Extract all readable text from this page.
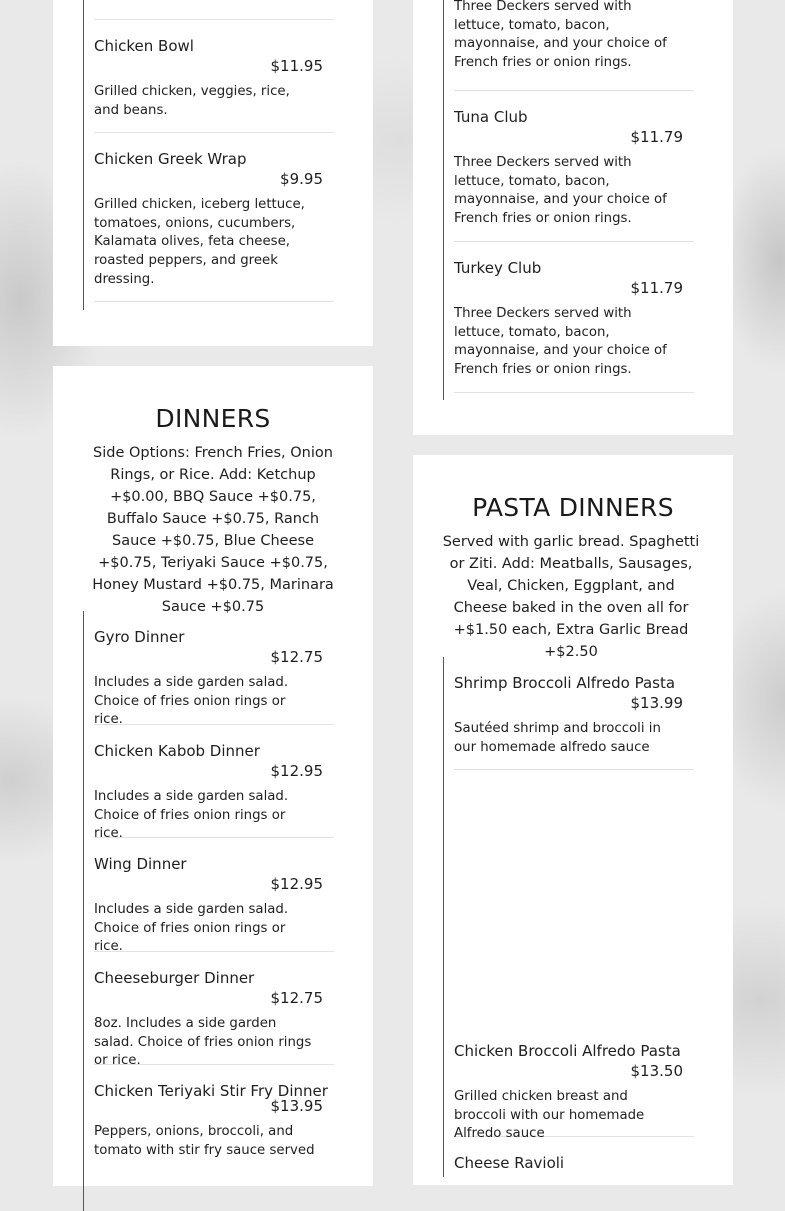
Chicken Bowl
$11.95
Grilled chicken, veggies, rice, and beans.
Chicken Greek Wrap
$9.95
Grilled chicken, iceberg lettuce, tomatoes, onions, cucumbers, Kalamata olives, feta cheese, roasted peppers, and greek dressing.
DINNERS
Side Options: French Fries, Onion Rings, or Rice. Add: Ketchup +$0.00, BBQ Sauce +$0.75, Buffalo Sauce +$0.75, Ranch Sauce +$0.75, Blue Cheese +$0.75, Teriyaki Sauce +$0.75, Honey Mustard +$0.75, Marinara Sauce +$0.75
Gyro Dinner
$12.75
Includes a side garden salad. Choice of fries onion rings or rice.
Chicken Kabob Dinner
$12.95
Includes a side garden salad. Choice of fries onion rings or rice.
Wing Dinner
$12.95
Includes a side garden salad. Choice of fries onion rings or rice.
Cheeseburger Dinner
$12.75
8oz. Includes a side garden salad. Choice of fries onion rings or rice.
Chicken Teriyaki Stir Fry Dinner
$13.95
Peppers, onions, broccoli, and tomato with stir fry sauce served
Three Deckers served with lettuce, tomato, bacon, mayonnaise, and your choice of French fries or onion rings.
Tuna Club
$11.79
Three Deckers served with lettuce, tomato, bacon, mayonnaise, and your choice of French fries or onion rings.
Turkey Club
$11.79
Three Deckers served with lettuce, tomato, bacon, mayonnaise, and your choice of French fries or onion rings.
PASTA DINNERS
Served with garlic bread. Spaghetti or Ziti. Add: Meatballs, Sausages, Veal, Chicken, Eggplant, and Cheese baked in the oven all for +$1.50 each, Extra Garlic Bread +$2.50
Shrimp Broccoli Alfredo Pasta
$13.99
Sautéed shrimp and broccoli in our homemade alfredo sauce
Chicken Broccoli Alfredo Pasta
$13.50
Grilled chicken breast and broccoli with our homemade Alfredo sauce
Cheese Ravioli
